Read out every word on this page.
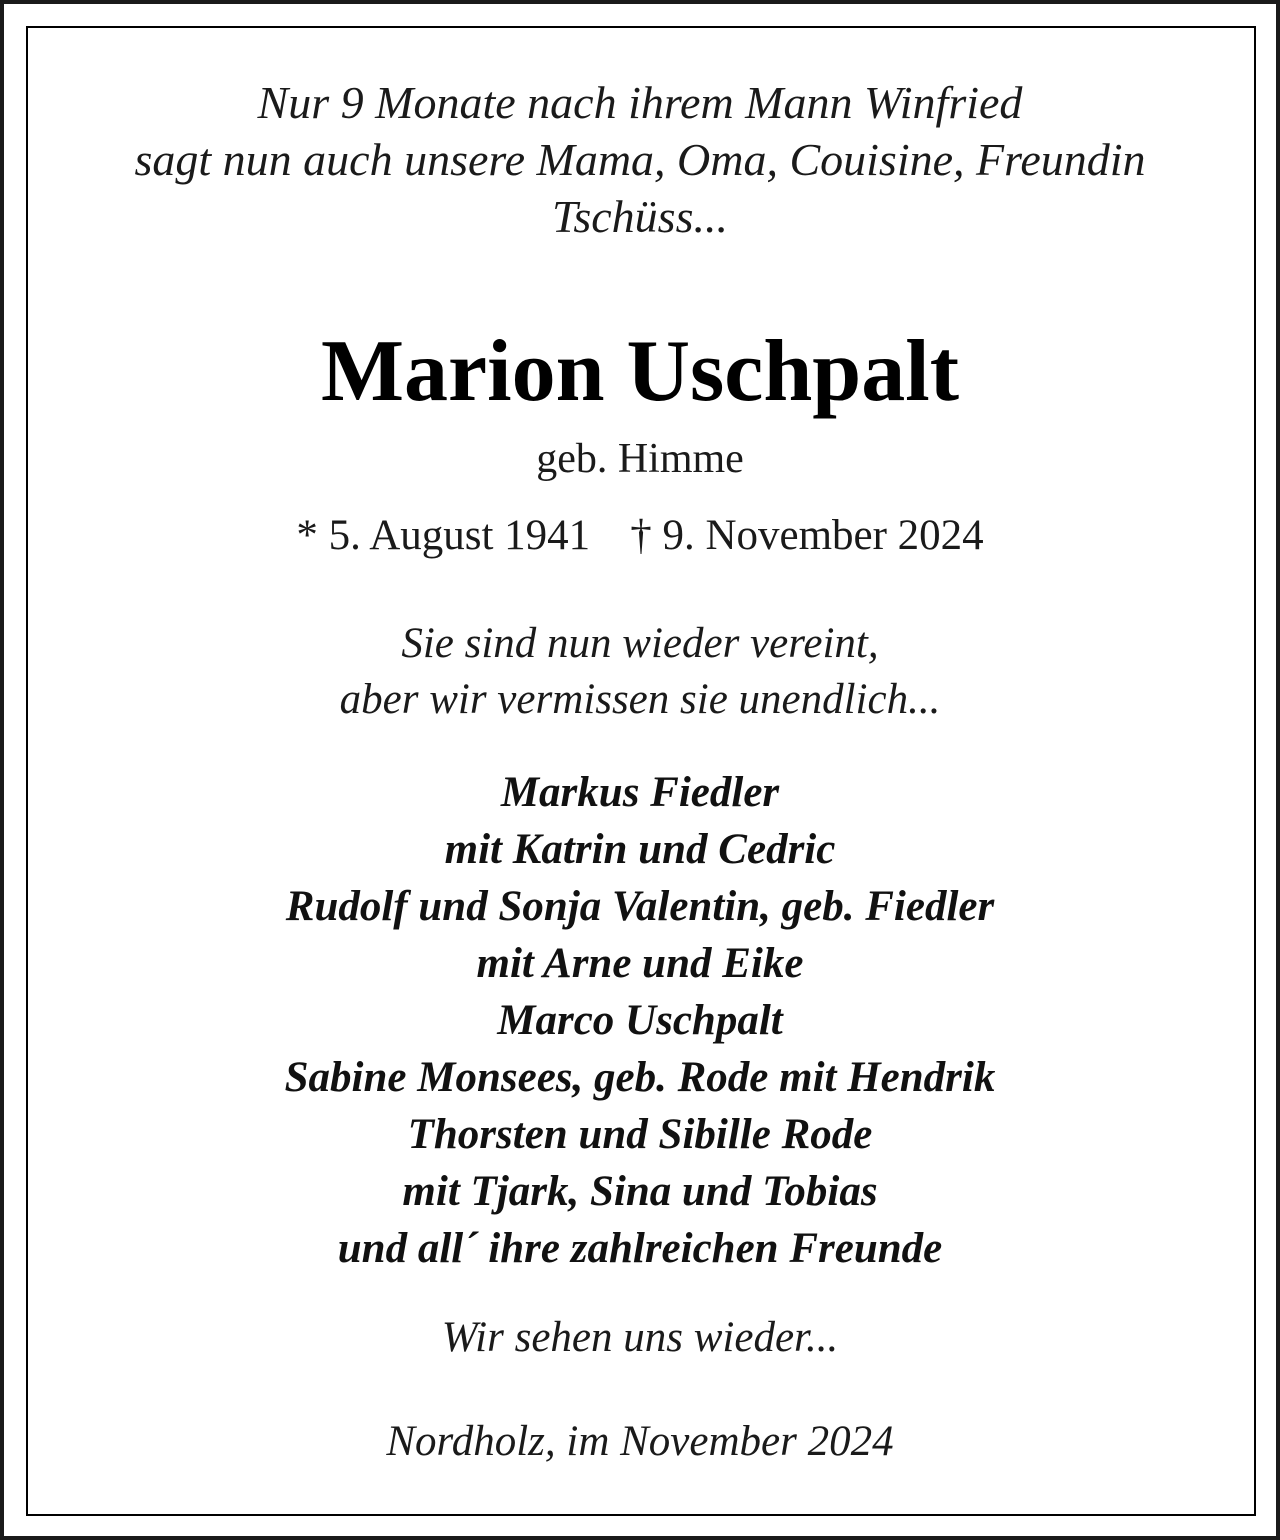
Nur 9 Monate nach ihrem Mann Winfried
sagt nun auch unsere Mama, Oma, Couisine, Freundin
Tschüss...
Marion Uschpalt
geb. Himme
* 5. August 1941 † 9. November 2024
Sie sind nun wieder vereint,
aber wir vermissen sie unendlich...
Markus Fiedler
mit Katrin und Cedric
Rudolf und Sonja Valentin, geb. Fiedler
mit Arne und Eike
Marco Uschpalt
Sabine Monsees, geb. Rode mit Hendrik
Thorsten und Sibille Rode
mit Tjark, Sina und Tobias
und all´ ihre zahlreichen Freunde
Wir sehen uns wieder...
Nordholz, im November 2024
